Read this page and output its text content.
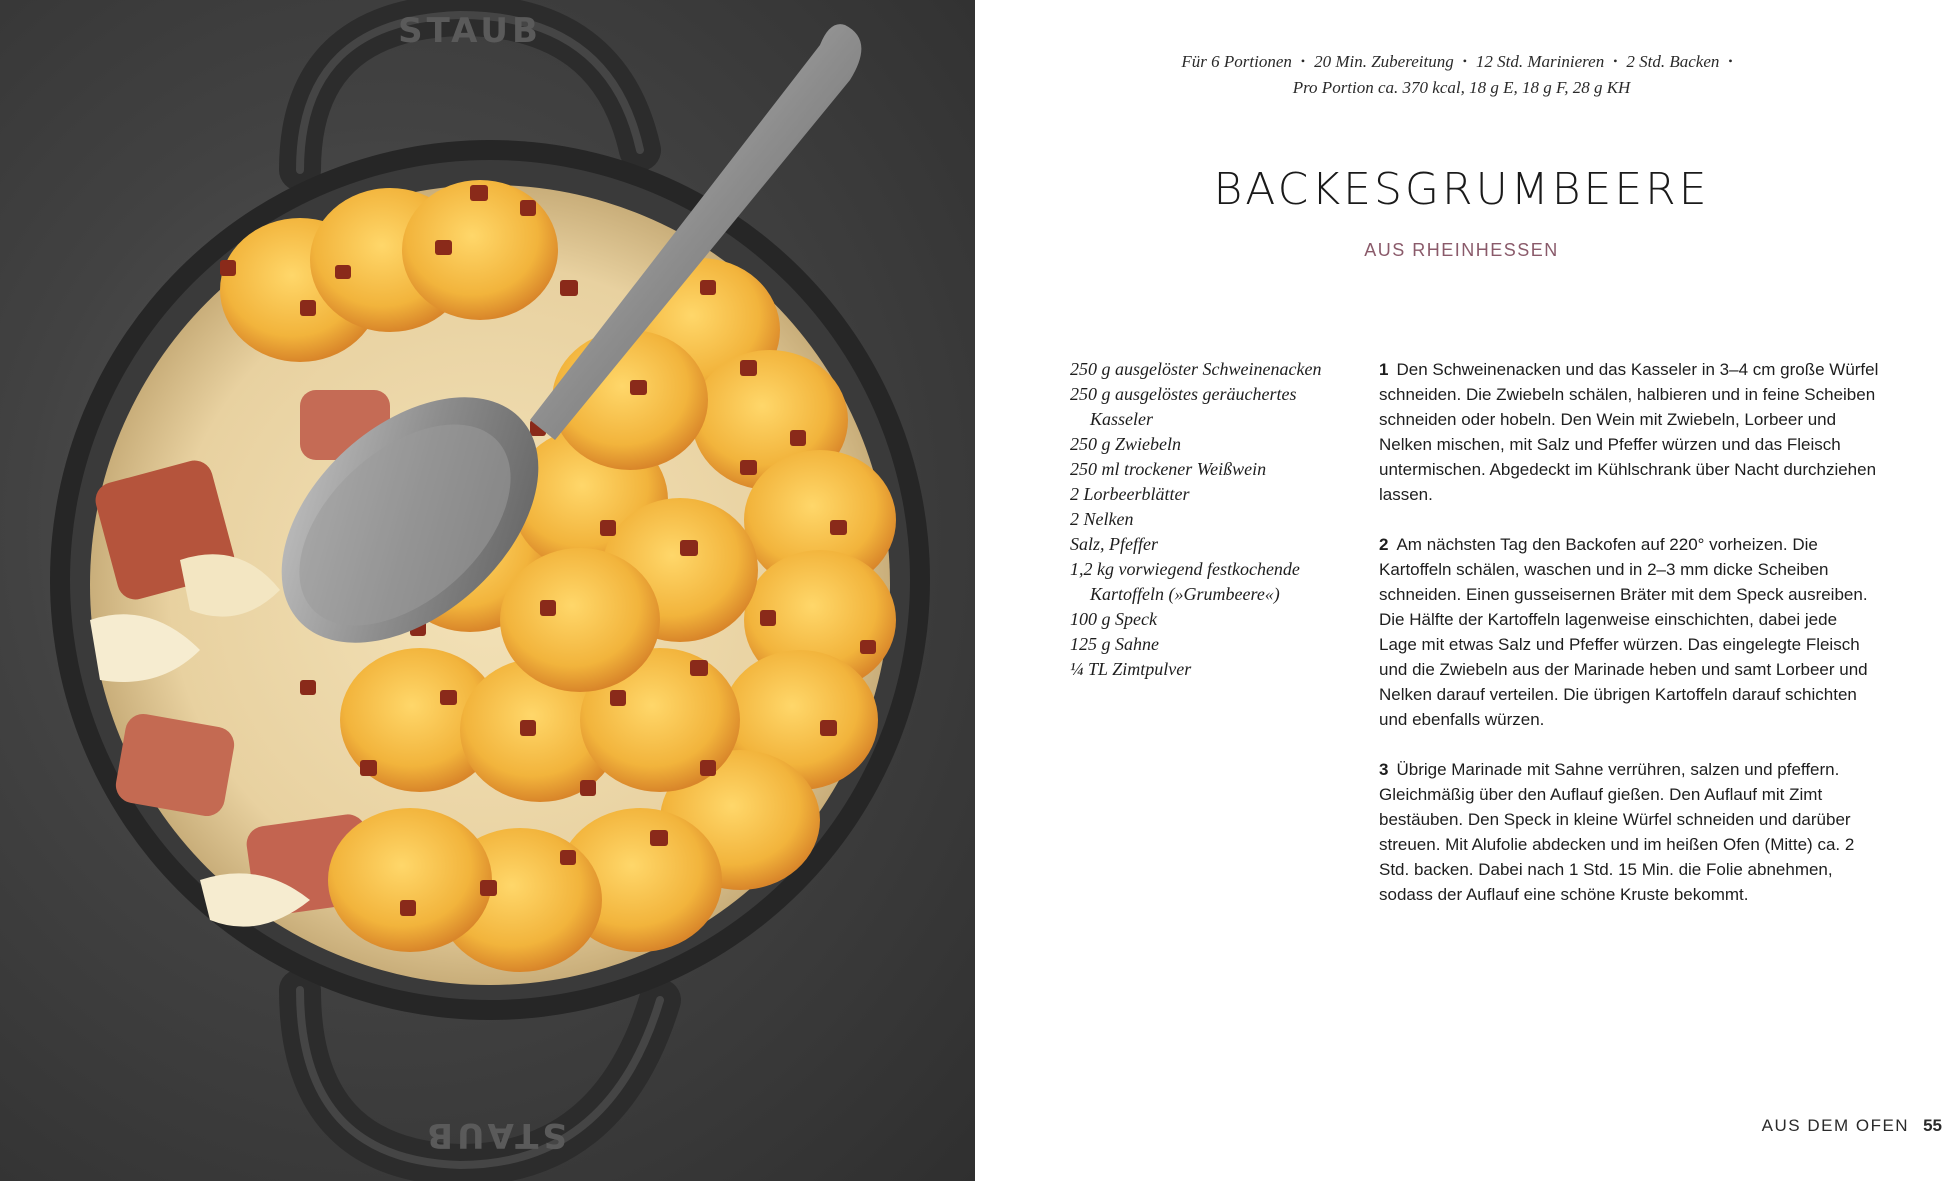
STAUB
STAUB
Für 6 Portionen • 20 Min. Zubereitung • 12 Std. Marinieren • 2 Std. Backen •
Pro Portion ca. 370 kcal, 18 g E, 18 g F, 28 g KH
BACKESGRUMBEERE
AUS RHEINHESSEN
250 g ausgelöster Schweinenacken
250 g ausgelöstes geräuchertes Kasseler
250 g Zwiebeln
250 ml trockener Weißwein
2 Lorbeerblätter
2 Nelken
Salz, Pfeffer
1,2 kg vorwiegend festkochende Kartoffeln (»Grumbeere«)
100 g Speck
125 g Sahne
¼ TL Zimtpulver

1 Den Schweinenacken und das Kasseler in 3–4 cm große Würfel schneiden. Die Zwiebeln schälen, halbieren und in feine Scheiben schneiden oder hobeln. Den Wein mit Zwiebeln, Lorbeer und Nelken mischen, mit Salz und Pfeffer würzen und das Fleisch untermischen. Abgedeckt im Kühlschrank über Nacht durchziehen lassen.

2 Am nächsten Tag den Backofen auf 220° vorheizen. Die Kartoffeln schälen, waschen und in 2–3 mm dicke Scheiben schneiden. Einen gusseisernen Bräter mit dem Speck ausreiben. Die Hälfte der Kartoffeln lagenweise einschichten, dabei jede Lage mit etwas Salz und Pfeffer würzen. Das eingelegte Fleisch und die Zwiebeln aus der Marinade heben und samt Lorbeer und Nelken darauf verteilen. Die übrigen Kartoffeln darauf schichten und ebenfalls würzen.

3 Übrige Marinade mit Sahne verrühren, salzen und pfeffern. Gleichmäßig über den Auflauf gießen. Den Auflauf mit Zimt bestäuben. Den Speck in kleine Würfel schneiden und darüber streuen. Mit Alufolie abdecken und im heißen Ofen (Mitte) ca. 2 Std. backen. Dabei nach 1 Std. 15 Min. die Folie abnehmen, sodass der Auflauf eine schöne Kruste bekommt.

AUS DEM OFEN 55
